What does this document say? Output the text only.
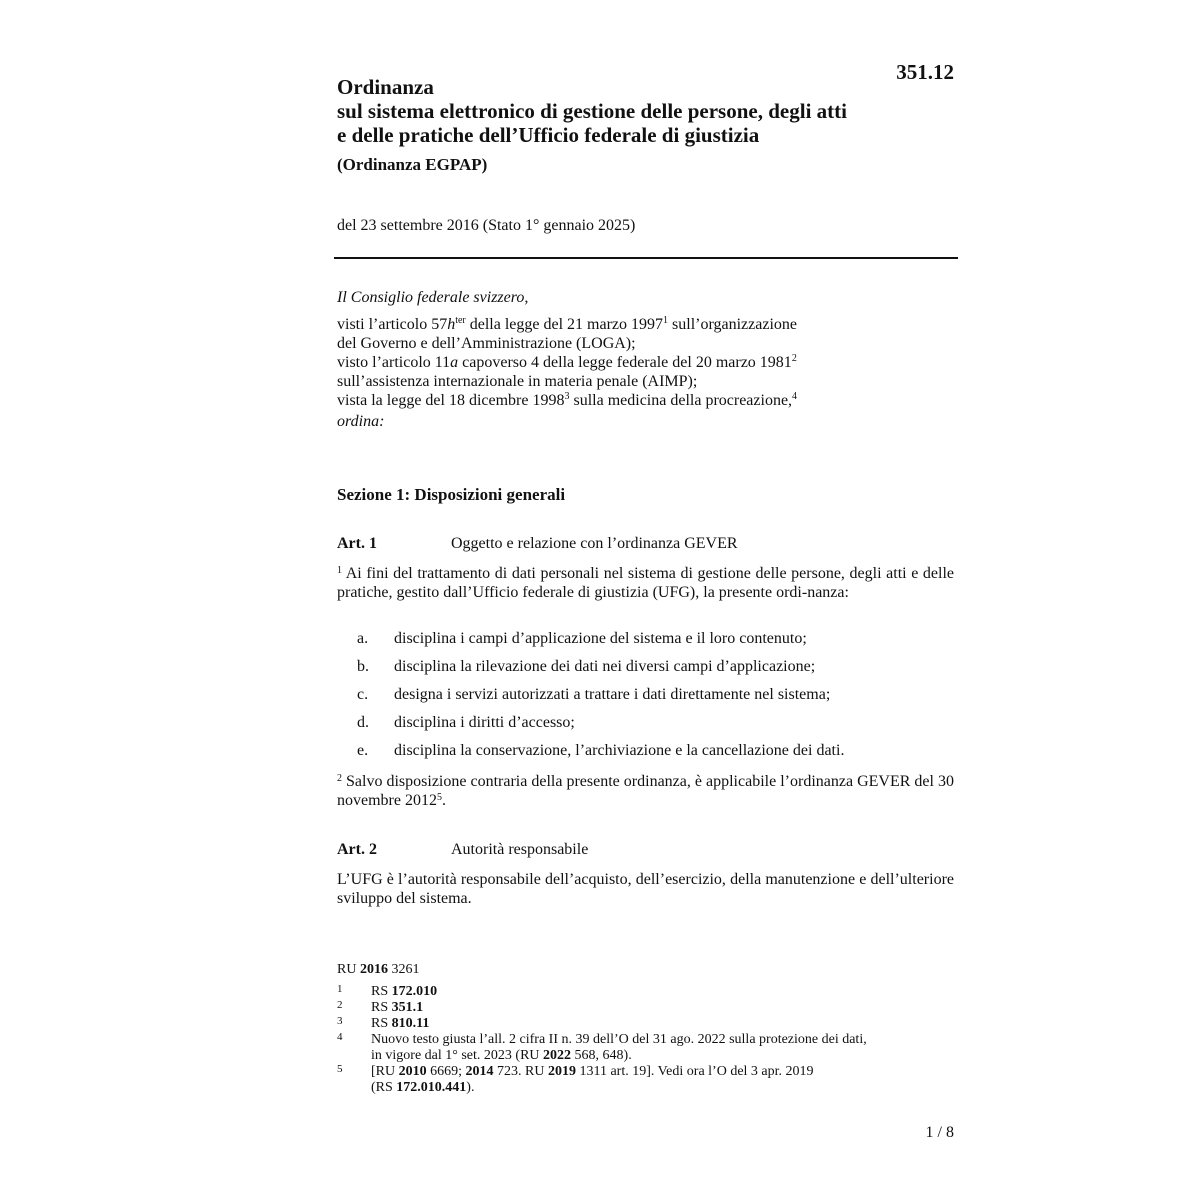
351.12
Ordinanza
sul sistema elettronico di gestione delle persone, degli atti
e delle pratiche dell’Ufficio federale di giustizia
(Ordinanza EGPAP)
del 23 settembre 2016 (Stato 1° gennaio 2025)
Il Consiglio federale svizzero,
visti l’articolo $57h^{ter}$ della legge del 21 marzo 1997$^1$ sull’organizzazione
del Governo e dell’Amministrazione (LOGA);
visto l’articolo 11a capoverso 4 della legge federale del 20 marzo 1981$^2$
sull’assistenza internazionale in materia penale (AIMP);
vista la legge del 18 dicembre 1998$^3$ sulla medicina della procreazione,$^4$
ordina:
Sezione 1: Disposizioni generali
Art. 1	Oggetto e relazione con l’ordinanza GEVER
$^1$ Ai fini del trattamento di dati personali nel sistema di gestione delle persone, degli atti e delle pratiche, gestito dall’Ufficio federale di giustizia (UFG), la presente ordi-nanza:
a. disciplina i campi d’applicazione del sistema e il loro contenuto;
b. disciplina la rilevazione dei dati nei diversi campi d’applicazione;
c. designa i servizi autorizzati a trattare i dati direttamente nel sistema;
d. disciplina i diritti d’accesso;
e. disciplina la conservazione, l’archiviazione e la cancellazione dei dati.
$^2$ Salvo disposizione contraria della presente ordinanza, è applicabile l’ordinanza GEVER del 30 novembre 2012$^5$.
Art. 2	Autorità responsabile
L’UFG è l’autorità responsabile dell’acquisto, dell’esercizio, della manutenzione e dell’ulteriore sviluppo del sistema.
RU 2016 3261
1 RS 172.010
2 RS 351.1
3 RS 810.11
4 Nuovo testo giusta l’all. 2 cifra II n. 39 dell’O del 31 ago. 2022 sulla protezione dei dati,
in vigore dal 1° set. 2023 (RU 2022 568, 648).
5 [RU 2010 6669; 2014 723. RU 2019 1311 art. 19]. Vedi ora l’O del 3 apr. 2019
(RS 172.010.441).
1 / 8
